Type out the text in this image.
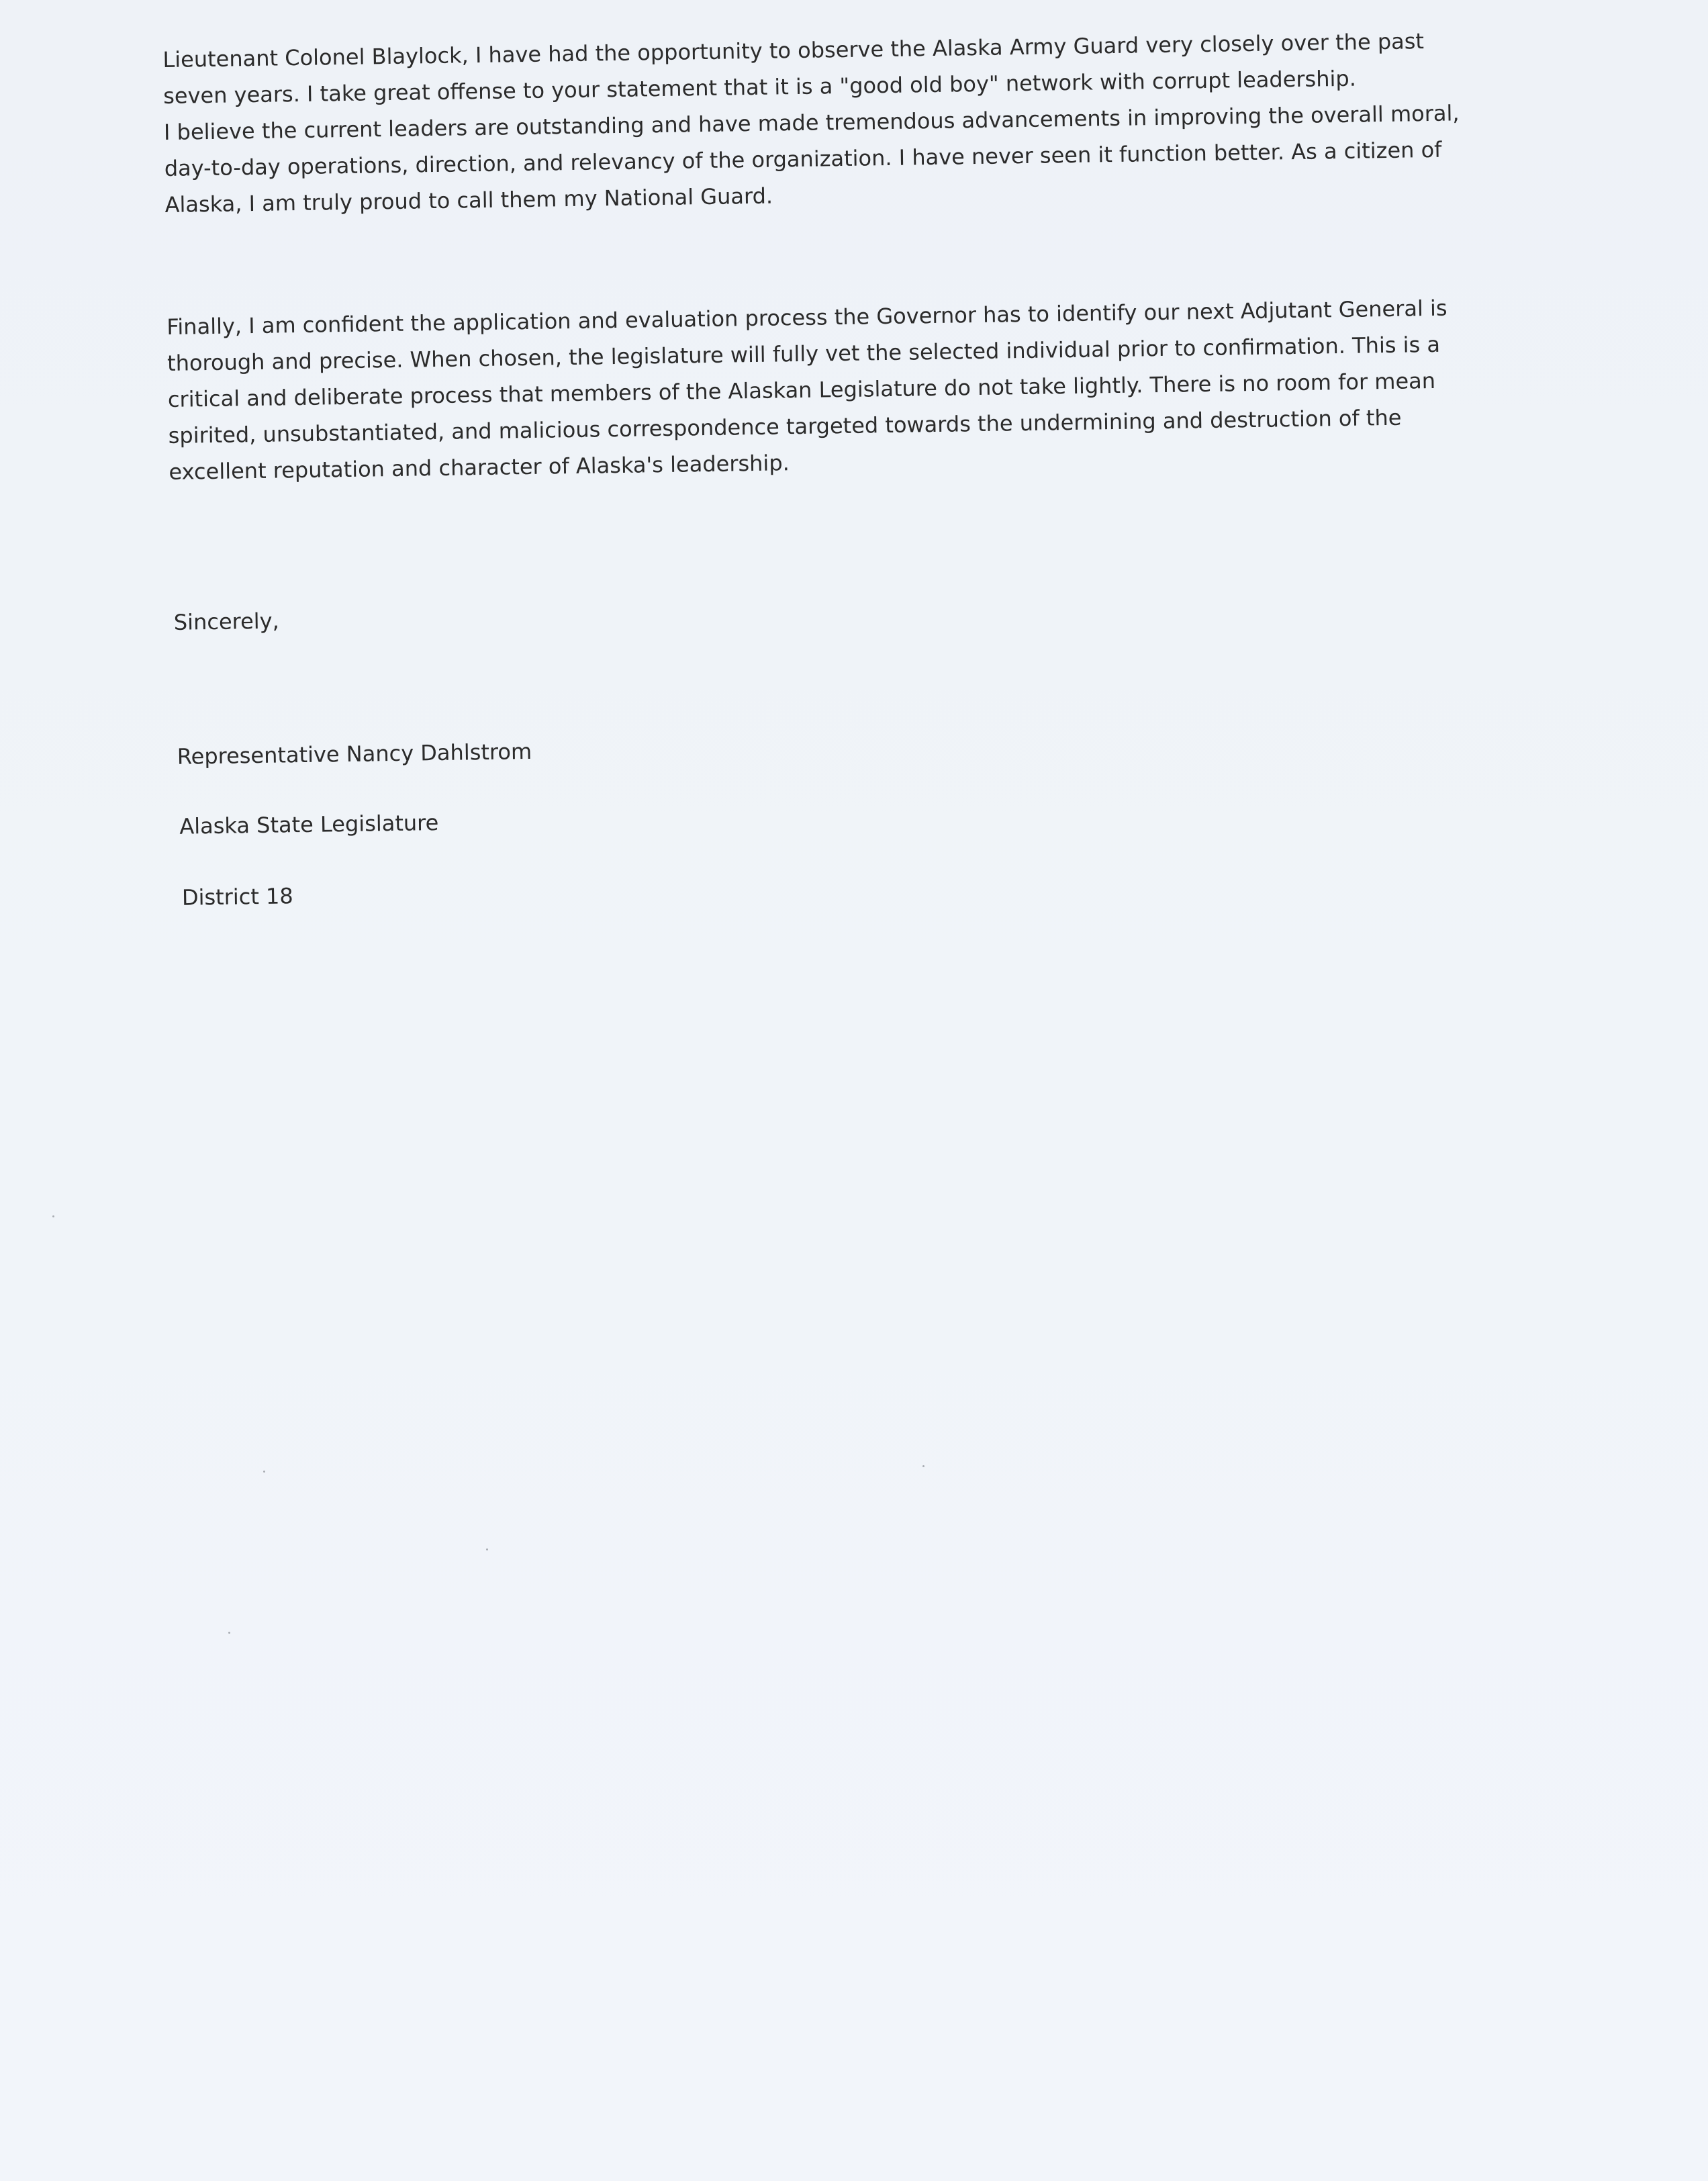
Lieutenant Colonel Blaylock, I have had the opportunity to observe the Alaska Army Guard very closely over the past
seven years. I take great offense to your statement that it is a "good old boy" network with corrupt leadership.
I believe the current leaders are outstanding and have made tremendous advancements in improving the overall moral,
day-to-day operations, direction, and relevancy of the organization. I have never seen it function better. As a citizen of
Alaska, I am truly proud to call them my National Guard.
Finally, I am confident the application and evaluation process the Governor has to identify our next Adjutant General is
thorough and precise. When chosen, the legislature will fully vet the selected individual prior to confirmation. This is a
critical and deliberate process that members of the Alaskan Legislature do not take lightly. There is no room for mean
spirited, unsubstantiated, and malicious correspondence targeted towards the undermining and destruction of the
excellent reputation and character of Alaska's leadership.
Sincerely,
Representative Nancy Dahlstrom
Alaska State Legislature
District 18
